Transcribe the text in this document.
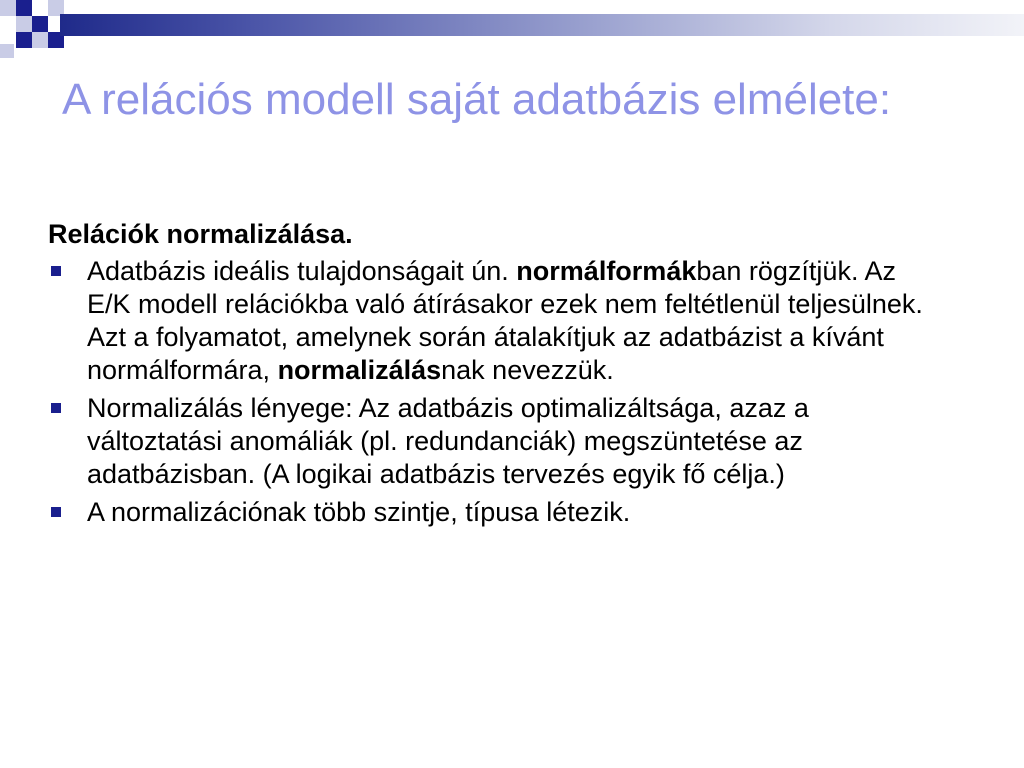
A relációs modell saját adatbázis elmélete:
Relációk normalizálása.
Adatbázis ideális tulajdonságait ún. normálformákban rögzítjük. Az E/K modell relációkba való átírásakor ezek nem feltétlenül teljesülnek. Azt a folyamatot, amelynek során átalakítjuk az adatbázist a kívánt normálformára, normalizálásnak nevezzük.
Normalizálás lényege: Az adatbázis optimalizáltsága, azaz a változtatási anomáliák (pl. redundanciák) megszüntetése az adatbázisban. (A logikai adatbázis tervezés egyik fő célja.)
A normalizációnak több szintje, típusa létezik.
